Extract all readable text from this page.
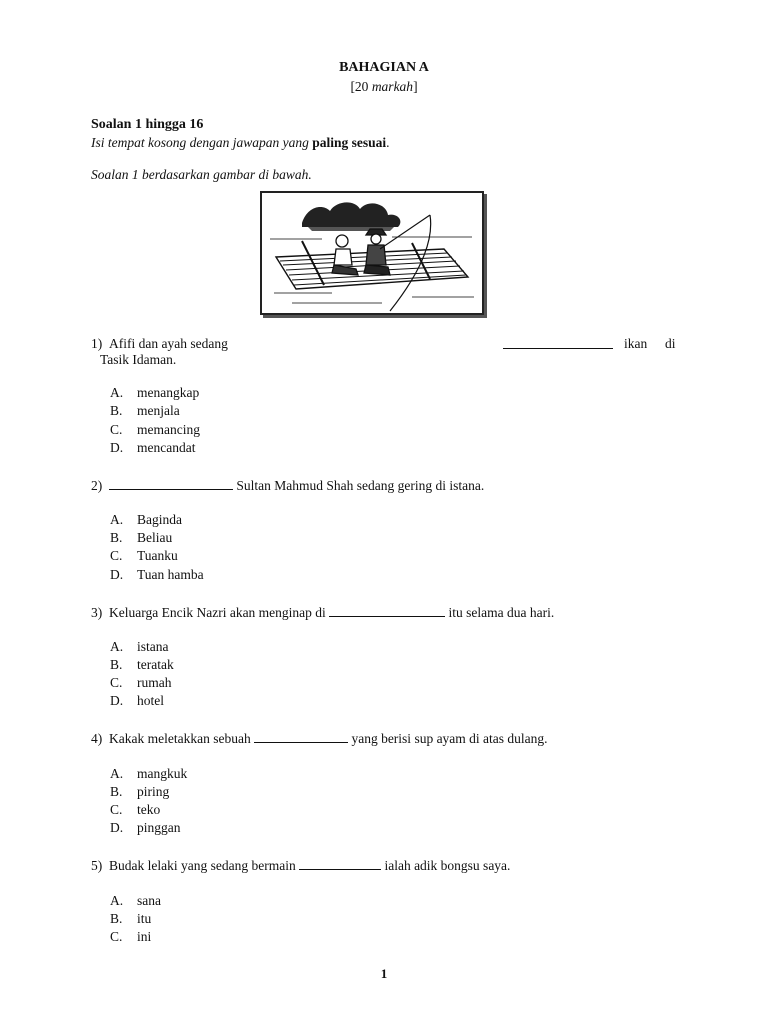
BAHAGIAN A
[20 markah]
Soalan 1 hingga 16
Isi tempat kosong dengan jawapan yang paling sesuai.
Soalan 1 berdasarkan gambar di bawah.
1) Afifi dan ayah sedang	ikan di
Tasik Idaman.
A. menangkap
B. menjala
C. memancing
D. mencandat
2)	Sultan Mahmud Shah sedang gering di istana.
A. Baginda
B. Beliau
C. Tuanku
D. Tuan hamba
3) Keluarga Encik Nazri akan menginap di	itu selama dua hari.
A. istana
B. teratak
C. rumah
D. hotel
4) Kakak meletakkan sebuah	yang berisi sup ayam di atas dulang.
A. mangkuk
B. piring
C. teko
D. pinggan
5) Budak lelaki yang sedang bermain	ialah adik bongsu saya.
A. sana
B. itu
C. ini
1
